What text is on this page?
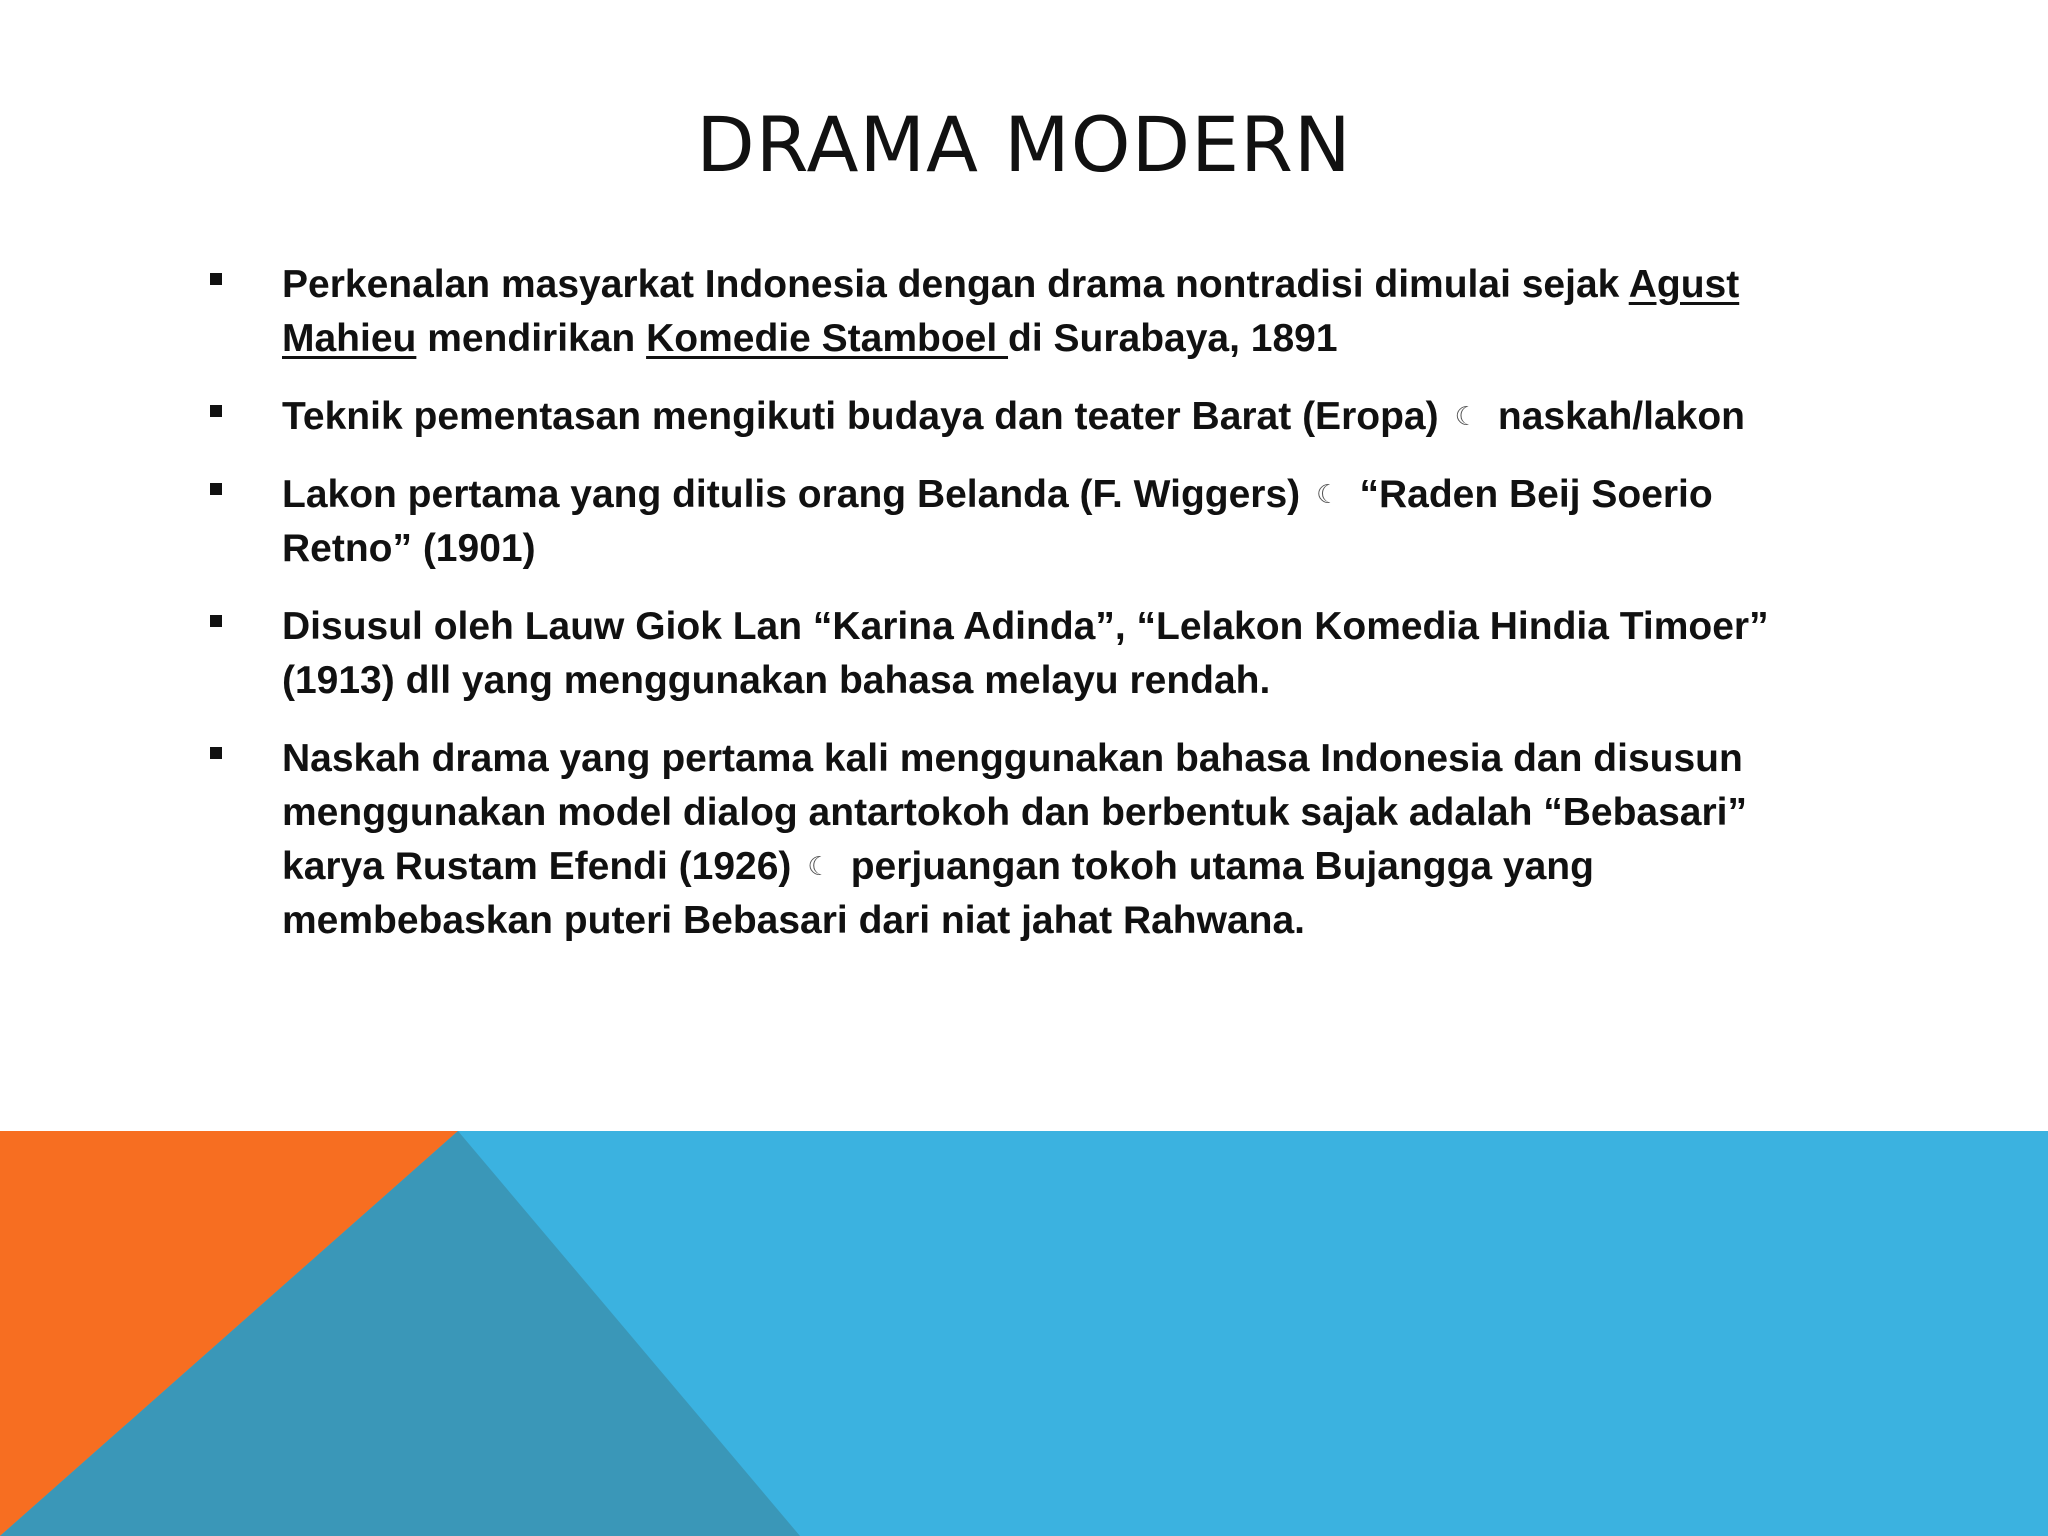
DRAMA MODERN
Perkenalan masyarkat Indonesia dengan drama nontradisi dimulai sejak Agust Mahieu mendirikan Komedie Stamboel di Surabaya, 1891
Teknik pementasan mengikuti budaya dan teater Barat (Eropa) ☾ naskah/lakon
Lakon pertama yang ditulis orang Belanda (F. Wiggers) ☾ “Raden Beij Soerio Retno” (1901)
Disusul oleh Lauw Giok Lan “Karina Adinda”, “Lelakon Komedia Hindia Timoer” (1913) dll yang menggunakan bahasa melayu rendah.
Naskah drama yang pertama kali menggunakan bahasa Indonesia dan disusun menggunakan model dialog antartokoh dan berbentuk sajak adalah “Bebasari” karya Rustam Efendi (1926) ☾ perjuangan tokoh utama Bujangga yang membebaskan puteri Bebasari dari niat jahat Rahwana.
